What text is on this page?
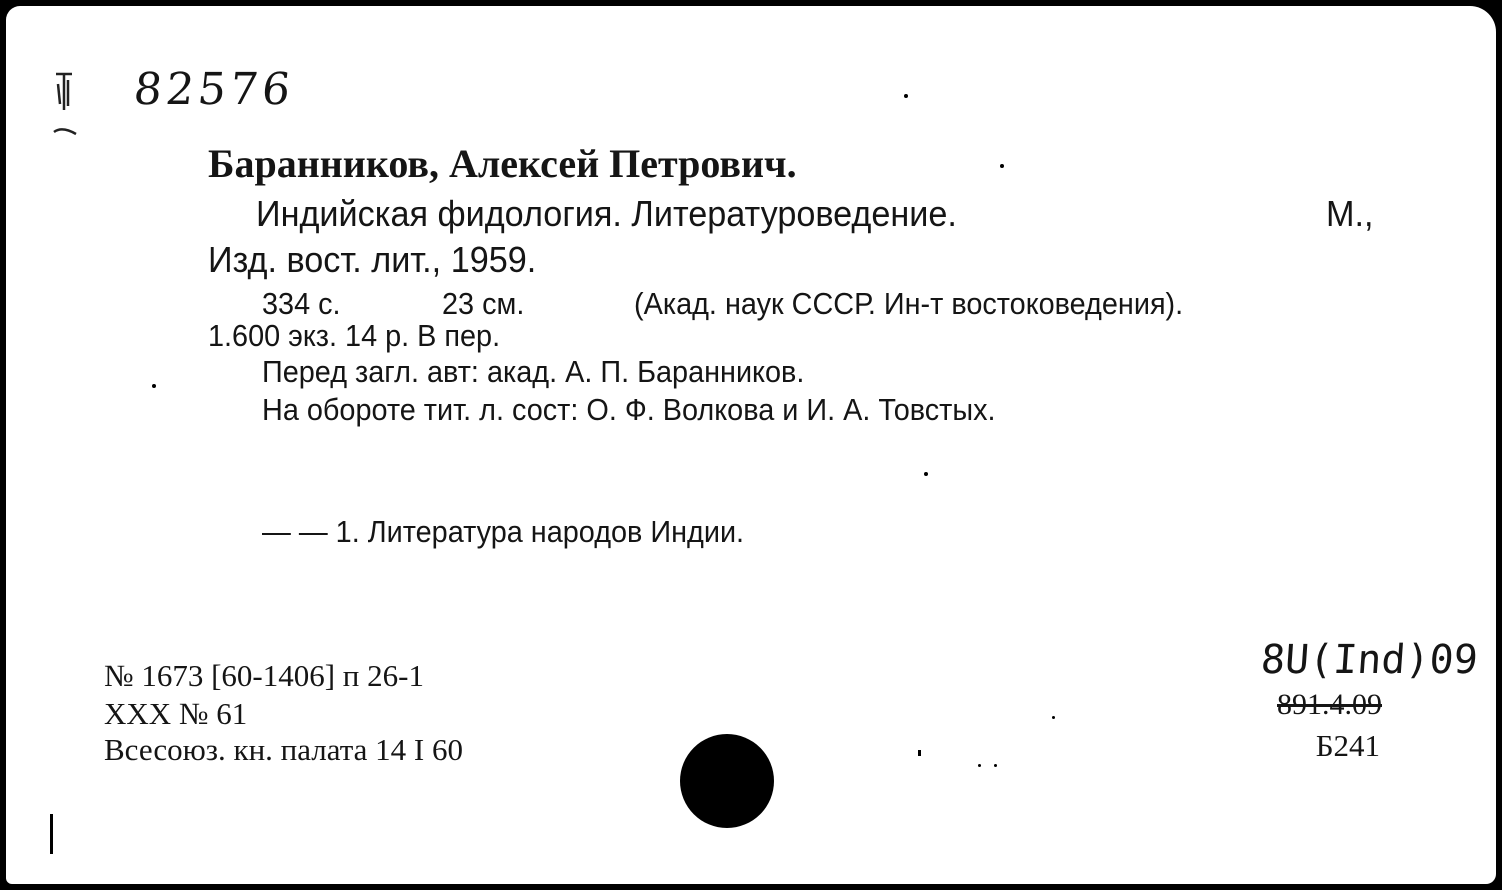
82576
Баранников, Алексей Петрович.
Индийская фидология. Литературоведение.	М.,
Изд. вост. лит., 1959.
334 с.	23 см.	(Акад. наук СССР. Ин-т востоковедения).
1.600 экз. 14 р. В пер.
Перед загл. авт: акад. А. П. Баранников.
На обороте тит. л. сост: О. Ф. Волкова и И. А. Товстых.
— — 1. Литература народов Индии.
№ 1673 [60-1406] п 26-1
ХХХ № 61
Всесоюз. кн. палата 14 I 60
8U(Ind)09
891.4.09
Б241
